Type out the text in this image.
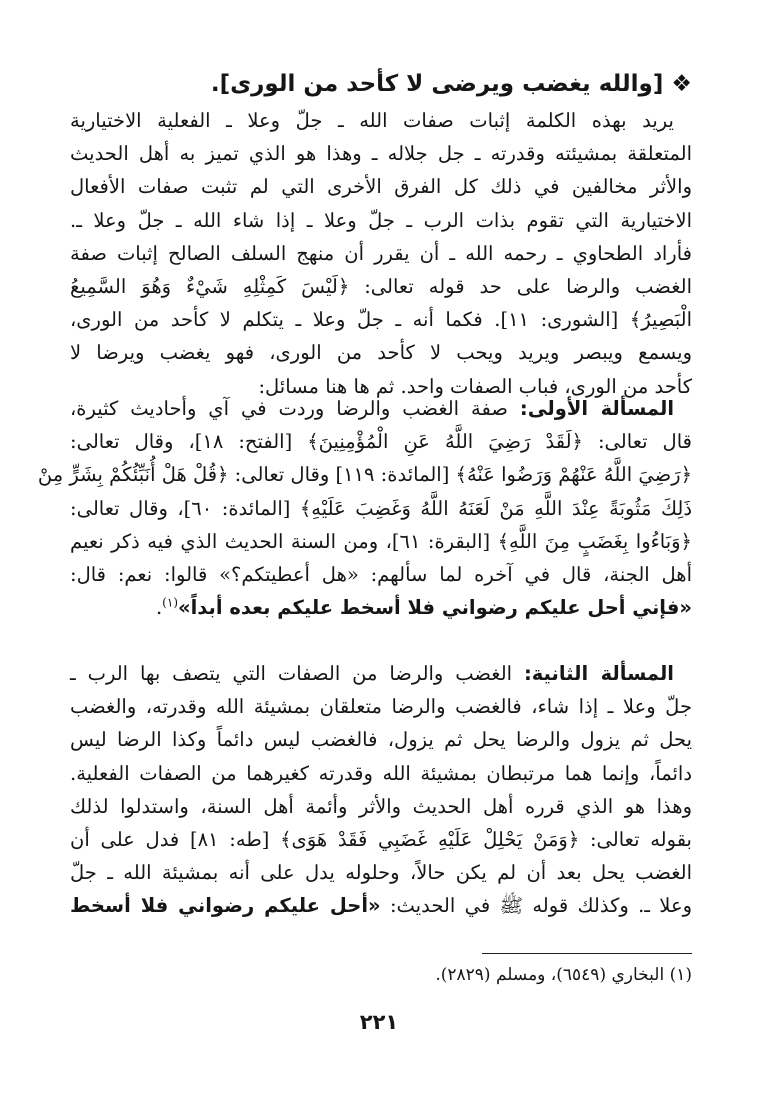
❖[والله يغضب ويرضى لا كأحد من الورى].
يريد بهذه الكلمة إثبات صفات الله ـ جلّ وعلا ـ الفعلية الاختيارية
المتعلقة بمشيئته وقدرته ـ جل جلاله ـ وهذا هو الذي تميز به أهل الحديث
والأثر مخالفين في ذلك كل الفرق الأخرى التي لم تثبت صفات الأفعال
الاختيارية التي تقوم بذات الرب ـ جلّ وعلا ـ إذا شاء الله ـ جلّ وعلا ـ.
فأراد الطحاوي ـ رحمه الله ـ أن يقرر أن منهج السلف الصالح إثبات صفة
الغضب والرضا على حد قوله تعالى: ﴿لَيْسَ كَمِثْلِهِ شَيْءٌ وَهُوَ السَّمِيعُ
الْبَصِيرُ﴾ [الشورى: ١١]. فكما أنه ـ جلّ وعلا ـ يتكلم لا كأحد من الورى،
ويسمع ويبصر ويريد ويحب لا كأحد من الورى، فهو يغضب ويرضا لا
كأحد من الورى، فباب الصفات واحد. ثم ها هنا مسائل:
المسألة الأولى: صفة الغضب والرضا وردت في آي وأحاديث كثيرة،
قال تعالى: ﴿لَقَدْ رَضِيَ اللَّهُ عَنِ الْمُؤْمِنِينَ﴾ [الفتح: ١٨]، وقال تعالى:
﴿رَضِيَ اللَّهُ عَنْهُمْ وَرَضُوا عَنْهُ﴾ [المائدة: ١١٩] وقال تعالى: ﴿قُلْ هَلْ أُنَبِّئُكُمْ بِشَرٍّ مِنْ
ذَلِكَ مَثُوبَةً عِنْدَ اللَّهِ مَنْ لَعَنَهُ اللَّهُ وَغَضِبَ عَلَيْهِ﴾ [المائدة: ٦٠]، وقال تعالى:
﴿وَبَاءُوا بِغَضَبٍ مِنَ اللَّهِ﴾ [البقرة: ٦١]، ومن السنة الحديث الذي فيه ذكر نعيم
أهل الجنة، قال في آخره لما سألهم: «هل أعطيتكم؟» قالوا: نعم: قال:
«فإني أحل عليكم رضواني فلا أسخط عليكم بعده أبداً»$^{(١)}$.
المسألة الثانية: الغضب والرضا من الصفات التي يتصف بها الرب ـ
جلّ وعلا ـ إذا شاء، فالغضب والرضا متعلقان بمشيئة الله وقدرته، والغضب
يحل ثم يزول والرضا يحل ثم يزول، فالغضب ليس دائماً وكذا الرضا ليس
دائماً، وإنما هما مرتبطان بمشيئة الله وقدرته كغيرهما من الصفات الفعلية.
وهذا هو الذي قرره أهل الحديث والأثر وأئمة أهل السنة، واستدلوا لذلك
بقوله تعالى: ﴿وَمَنْ يَحْلِلْ عَلَيْهِ غَضَبِي فَقَدْ هَوَى﴾ [طه: ٨١] فدل على أن
الغضب يحل بعد أن لم يكن حالاً، وحلوله يدل على أنه بمشيئة الله ـ جلّ
وعلا ـ. وكذلك قوله ﷺ في الحديث: «أحل عليكم رضواني فلا أسخط
(١) البخاري (٦٥٤٩)، ومسلم (٢٨٢٩).
٢٢١
